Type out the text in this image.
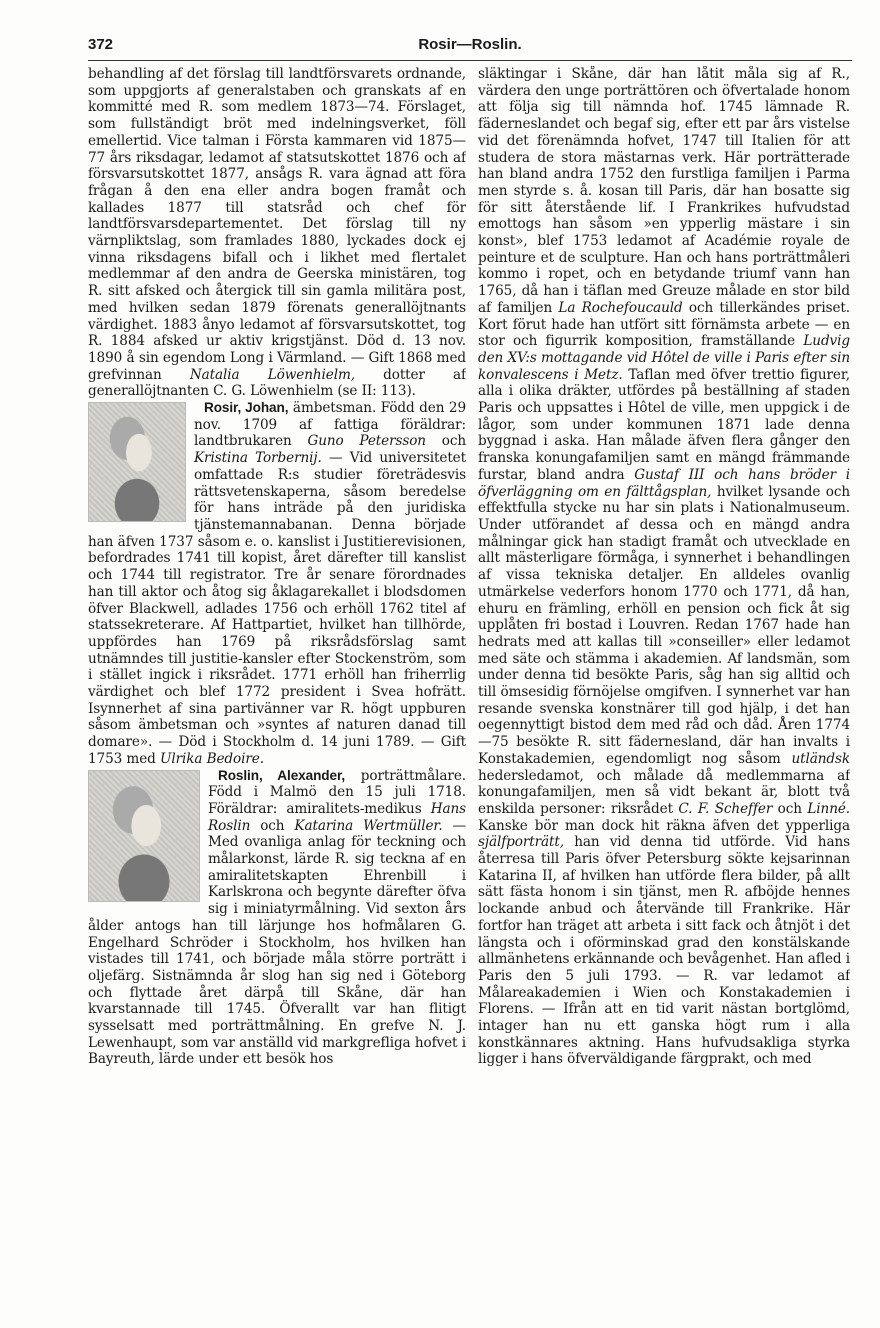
372	Rosir—Roslin.

behandling af det förslag till landtförsvarets ordnande, som uppgjorts af generalstaben och granskats af en kommitté med R. som medlem 1873—74. Förslaget, som fullständigt bröt med indelningsverket, föll emellertid. Vice talman i Första kammaren vid 1875—77 års riksdagar, ledamot af statsutskottet 1876 och af försvarsutskottet 1877, ansågs R. vara ägnad att föra frågan å den ena eller andra bogen framåt och kallades 1877 till statsråd och chef för landtförsvarsdepartementet. Det förslag till ny värnpliktslag, som framlades 1880, lyckades dock ej vinna riksdagens bifall och i likhet med flertalet medlemmar af den andra de Geerska ministären, tog R. sitt afsked och återgick till sin gamla militära post, med hvilken sedan 1879 förenats generallöjtnants värdighet. 1883 ånyo ledamot af försvarsutskottet, tog R. 1884 afsked ur aktiv krigstjänst. Död d. 13 nov. 1890 å sin egendom Long i Värmland. — Gift 1868 med grefvinnan Natalia Löwenhielm, dotter af generallöjtnanten C. G. Löwenhielm (se II: 113).

Rosir, Johan,
ämbetsman. Född den 29 nov. 1709 af fattiga föräldrar: landtbrukaren Guno Petersson och Kristina Torbernij. — Vid universitetet omfattade R:s studier företrädesvis rättsvetenskaperna, såsom beredelse för hans inträde på den juridiska tjänstemannabanan. Denna började han äfven 1737 såsom e. o. kanslist i Justitierevisionen, befordrades 1741 till kopist, året därefter till kanslist och 1744 till registrator. Tre år senare förordnades han till aktor och åtog sig åklagarekallet i blodsdomen öfver Blackwell, adlades 1756 och erhöll 1762 titel af statssekreterare. Af Hattpartiet, hvilket han tillhörde, uppfördes han 1769 på riksrådsförslag samt utnämndes till justitie-kansler efter Stockenström, som i stället ingick i riksrådet. 1771 erhöll han friherrlig värdighet och blef 1772 president i Svea hofrätt. Isynnerhet af sina partivänner var R. högt uppburen såsom ämbetsman och »syntes af naturen danad till domare». — Död i Stockholm d. 14 juni 1789. — Gift 1753 med Ulrika Bedoire.

Roslin, Alexander,
porträttmålare. Född i Malmö den 15 juli 1718. Föräldrar: amiralitets-medikus Hans Roslin och Katarina Wertmüller. — Med ovanliga anlag för teckning och målarkonst, lärde R. sig teckna af en amiralitetskapten Ehrenbill i Karlskrona och begynte därefter öfva sig i miniatyrmålning. Vid sexton års ålder antogs han till lärjunge hos hofmålaren G. Engelhard Schröder i Stockholm, hos hvilken han vistades till 1741, och började måla större porträtt i oljefärg. Sistnämnda år slog han sig ned i Göteborg och flyttade året därpå till Skåne, där han kvarstannade till 1745. Öfverallt var han flitigt sysselsatt med porträttmålning. En grefve N. J. Lewenhaupt, som var anställd vid markgrefliga hofvet i Bayreuth, lärde under ett besök hos

släktingar i Skåne, där han låtit måla sig af R., värdera den unge porträttören och öfvertalade honom att följa sig till nämnda hof. 1745 lämnade R. fäderneslandet och begaf sig, efter ett par års vistelse vid det förenämnda hofvet, 1747 till Italien för att studera de stora mästarnas verk. Här porträtterade han bland andra 1752 den furstliga familjen i Parma men styrde s. å. kosan till Paris, där han bosatte sig för sitt återstående lif. I Frankrikes hufvudstad emottogs han såsom »en ypperlig mästare i sin konst», blef 1753 ledamot af Académie royale de peinture et de sculpture. Han och hans porträttmåleri kommo i ropet, och en betydande triumf vann han 1765, då han i täflan med Greuze målade en stor bild af familjen La Rochefoucauld och tillerkändes priset. Kort förut hade han utfört sitt förnämsta arbete — en stor och figurrik komposition, framställande Ludvig den XV:s mottagande vid Hôtel de ville i Paris efter sin konvalescens i Metz. Taflan med öfver trettio figurer, alla i olika dräkter, utfördes på beställning af staden Paris och uppsattes i Hôtel de ville, men uppgick i de lågor, som under kommunen 1871 lade denna byggnad i aska. Han målade äfven flera gånger den franska konungafamiljen samt en mängd främmande furstar, bland andra Gustaf III och hans bröder i öfverläggning om en fälttågsplan, hvilket lysande och effektfulla stycke nu har sin plats i Nationalmuseum. Under utförandet af dessa och en mängd andra målningar gick han stadigt framåt och utvecklade en allt mästerligare förmåga, i synnerhet i behandlingen af vissa tekniska detaljer. En alldeles ovanlig utmärkelse vederfors honom 1770 och 1771, då han, ehuru en främling, erhöll en pension och fick åt sig upplåten fri bostad i Louvren. Redan 1767 hade han hedrats med att kallas till »conseiller» eller ledamot med säte och stämma i akademien. Af landsmän, som under denna tid besökte Paris, såg han sig alltid och till ömsesidig förnöjelse omgifven. I synnerhet var han resande svenska konstnärer till god hjälp, i det han oegennyttigt bistod dem med råd och dåd. Åren 1774—75 besökte R. sitt fädernesland, där han invalts i Konstakademien, egendomligt nog såsom utländsk hedersledamot, och målade då medlemmarna af konungafamiljen, men så vidt bekant är, blott två enskilda personer: riksrådet C. F. Scheffer och Linné. Kanske bör man dock hit räkna äfven det ypperliga själfporträtt, han vid denna tid utförde. Vid hans återresa till Paris öfver Petersburg sökte kejsarinnan Katarina II, af hvilken han utförde flera bilder, på allt sätt fästa honom i sin tjänst, men R. afböjde hennes lockande anbud och återvände till Frankrike. Här fortfor han träget att arbeta i sitt fack och åtnjöt i det längsta och i oförminskad grad den konstälskande allmänhetens erkännande och bevågenhet. Han afled i Paris den 5 juli 1793. — R. var ledamot af Målareakademien i Wien och Konstakademien i Florens. — Ifrån att en tid varit nästan bortglömd, intager han nu ett ganska högt rum i alla konstkännares aktning. Hans hufvudsakliga styrka ligger i hans öfverväldigande färgprakt, och med
